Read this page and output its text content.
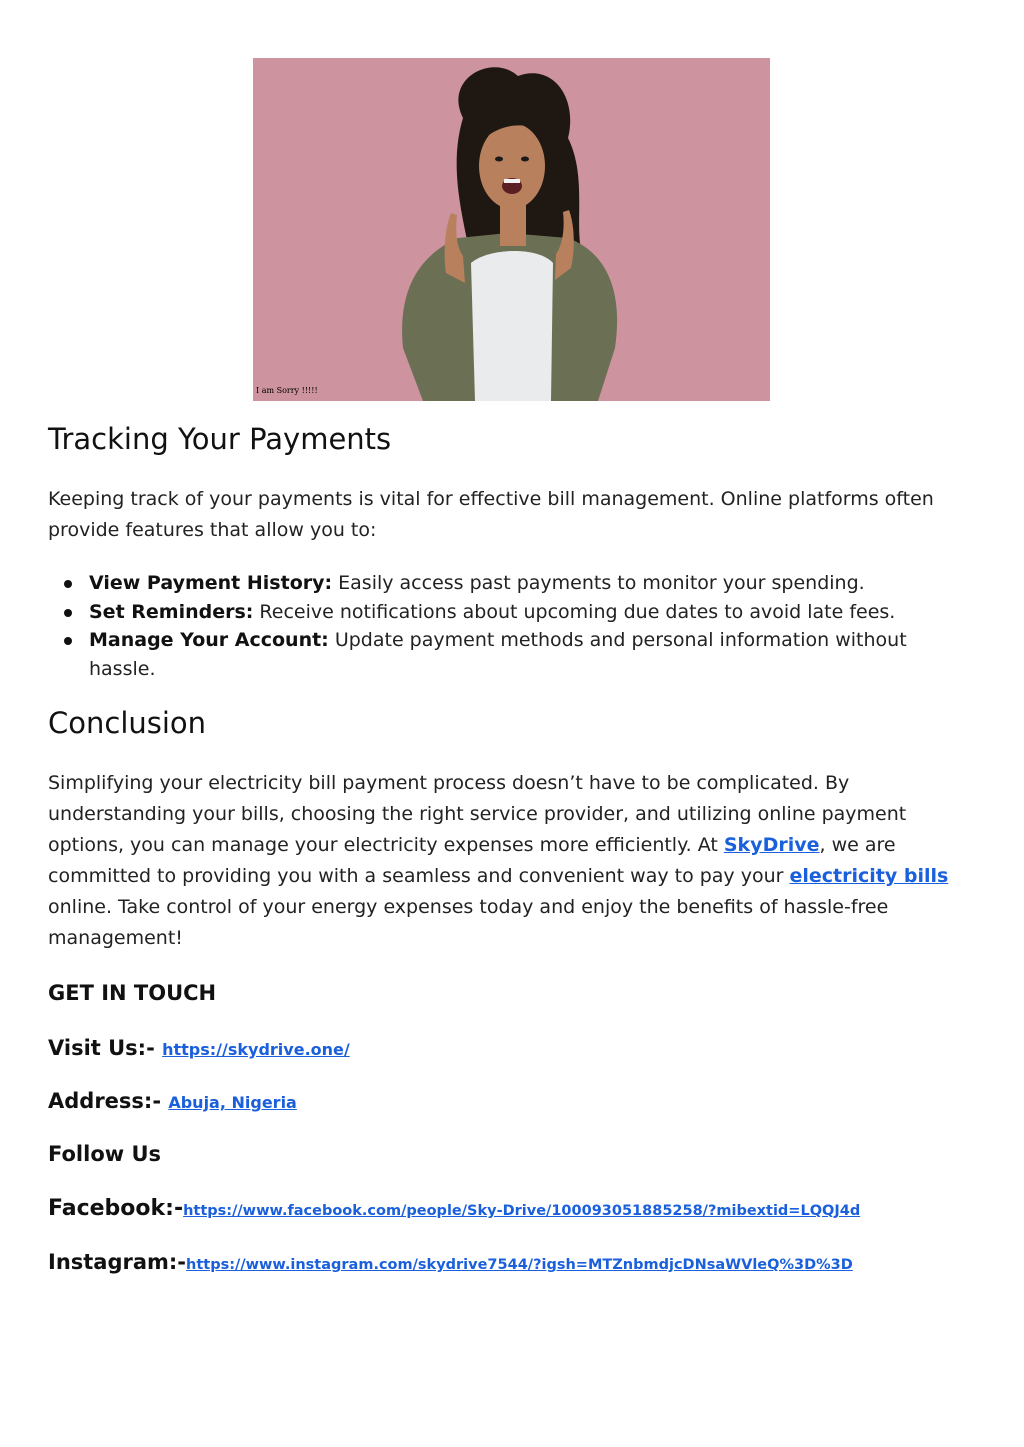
I am Sorry !!!!!
Tracking Your Payments

Keeping track of your payments is vital for effective bill management. Online platforms often provide features that allow you to:

View Payment History: Easily access past payments to monitor your spending.
Set Reminders: Receive notifications about upcoming due dates to avoid late fees.
Manage Your Account: Update payment methods and personal information without hassle.
Conclusion

Simplifying your electricity bill payment process doesn’t have to be complicated. By understanding your bills, choosing the right service provider, and utilizing online payment options, you can manage your electricity expenses more efficiently. At SkyDrive, we are committed to providing you with a seamless and convenient way to pay your electricity bills online. Take control of your energy expenses today and enjoy the benefits of hassle-free management!

GET IN TOUCH
Visit Us:- https://skydrive.one/
Address:- Abuja, Nigeria
Follow Us
Facebook:-https://www.facebook.com/people/Sky-Drive/100093051885258/?mibextid=LQQJ4d
Instagram:-https://www.instagram.com/skydrive7544/?igsh=MTZnbmdjcDNsaWVleQ%3D%3D
